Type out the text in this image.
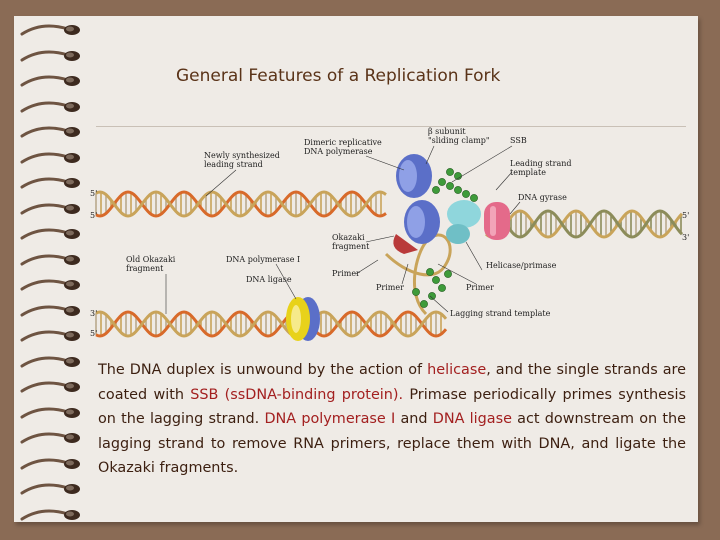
General Features of a Replication Fork
Newly synthesized
leading strand
Dimeric replicative
DNA polymerase
β subunit
"sliding clamp"	SSB
Leading strand
template
DNA gyrase
Okazaki
fragment
Old Okazaki
fragment
DNA polymerase I
DNA ligase
Primer
Primer	Primer
Helicase/primase
Lagging strand template
5'
5'
3'
5'
5'
3'
The DNA duplex is unwound by the action of helicase, and the single strands are coated with SSB (ssDNA-binding protein). Primase periodically primes synthesis on the lagging strand. DNA polymerase I and DNA ligase act downstream on the lagging strand to remove RNA primers, replace them with DNA, and ligate the Okazaki fragments.
